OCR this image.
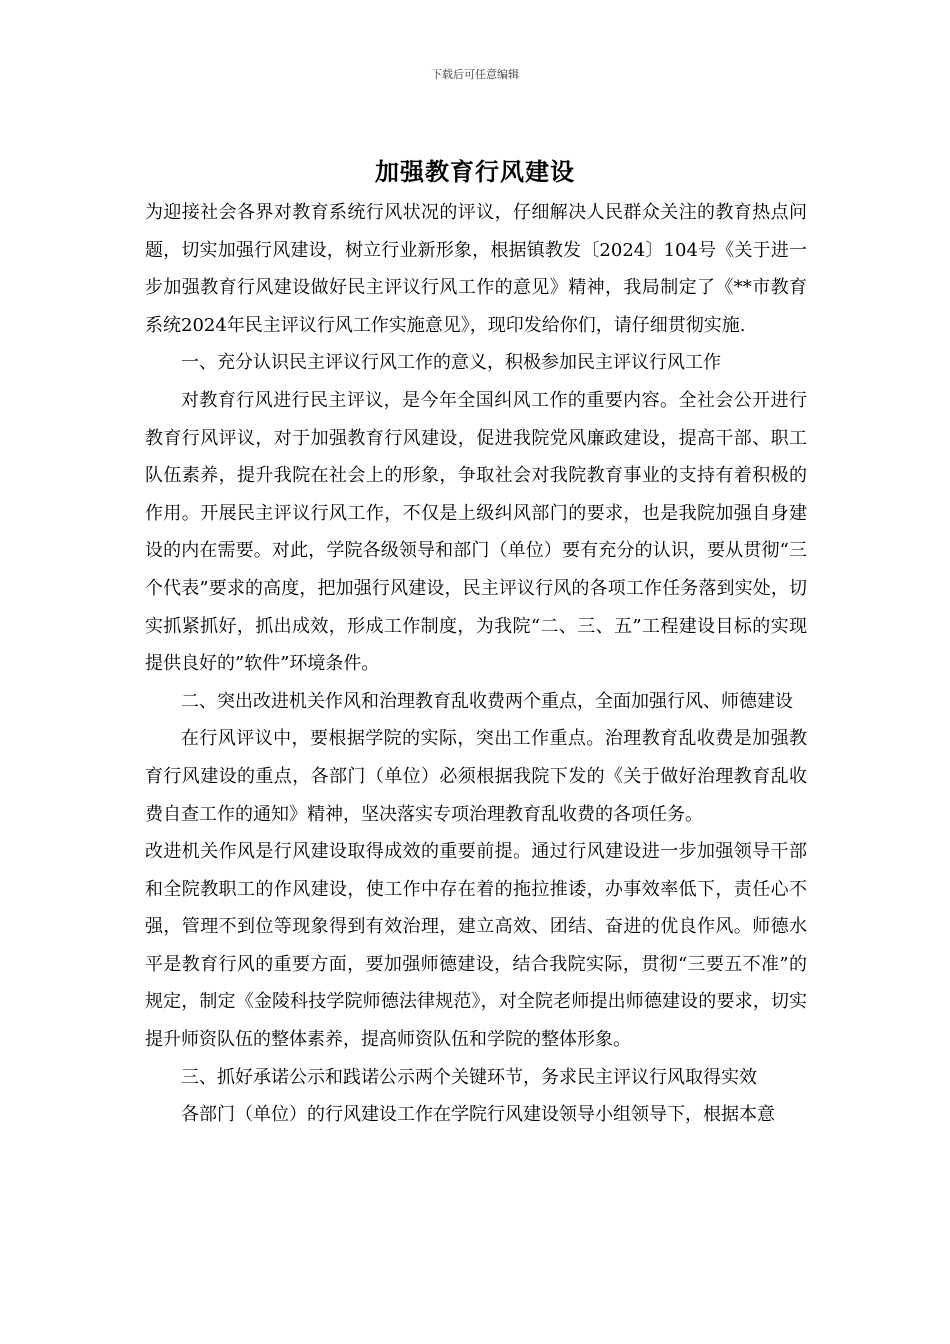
下载后可任意编辑
加强教育行风建设

为迎接社会各界对教育系统行风状况的评议，仔细解决人民群众关注的教育热点问题，切实加强行风建设，树立行业新形象，根据镇教发〔2024〕104号《关于进一步加强教育行风建设做好民主评议行风工作的意见》精神，我局制定了《**市教育系统2024年民主评议行风工作实施意见》，现印发给你们，请仔细贯彻实施.

一、充分认识民主评议行风工作的意义，积极参加民主评议行风工作

对教育行风进行民主评议，是今年全国纠风工作的重要内容。全社会公开进行教育行风评议，对于加强教育行风建设，促进我院党风廉政建设，提高干部、职工队伍素养，提升我院在社会上的形象，争取社会对我院教育事业的支持有着积极的作用。开展民主评议行风工作，不仅是上级纠风部门的要求，也是我院加强自身建设的内在需要。对此，学院各级领导和部门（单位）要有充分的认识，要从贯彻“三个代表”要求的高度，把加强行风建设，民主评议行风的各项工作任务落到实处，切实抓紧抓好，抓出成效，形成工作制度，为我院“二、三、五”工程建设目标的实现提供良好的”软件”环境条件。

二、突出改进机关作风和治理教育乱收费两个重点，全面加强行风、师德建设

在行风评议中，要根据学院的实际，突出工作重点。治理教育乱收费是加强教育行风建设的重点，各部门（单位）必须根据我院下发的《关于做好治理教育乱收费自查工作的通知》精神，坚决落实专项治理教育乱收费的各项任务。

改进机关作风是行风建设取得成效的重要前提。通过行风建设进一步加强领导干部和全院教职工的作风建设，使工作中存在着的拖拉推诿，办事效率低下，责任心不强，管理不到位等现象得到有效治理，建立高效、团结、奋进的优良作风。师德水平是教育行风的重要方面，要加强师德建设，结合我院实际，贯彻“三要五不准”的规定，制定《金陵科技学院师德法律规范》，对全院老师提出师德建设的要求，切实提升师资队伍的整体素养，提高师资队伍和学院的整体形象。

三、抓好承诺公示和践诺公示两个关键环节，务求民主评议行风取得实效

各部门（单位）的行风建设工作在学院行风建设领导小组领导下，根据本意
